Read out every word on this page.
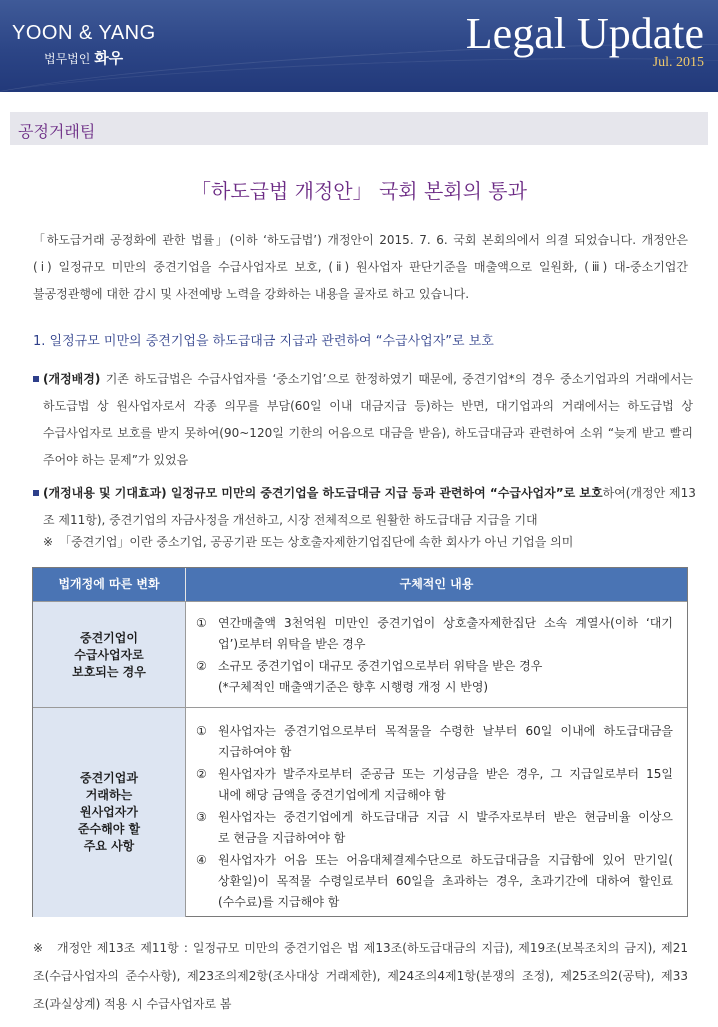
YOON & YANG
법무법인 화우	Legal Update
Jul. 2015
공정거래팀
「하도급법 개정안」 국회 본회의 통과
「하도급거래 공정화에 관한 법률」(이하 ‘하도급법’) 개정안이 2015. 7. 6. 국회 본회의에서 의결 되었습니다. 개정안은
(ⅰ) 일정규모 미만의 중견기업을 수급사업자로 보호, (ⅱ) 원사업자 판단기준을 매출액으로 일원화, (ⅲ) 대-중소기업간
불공정관행에 대한 감시 및 사전예방 노력을 강화하는 내용을 골자로 하고 있습니다.
1. 일정규모 미만의 중견기업을 하도급대금 지급과 관련하여 “수급사업자”로 보호
(개정배경) 기존 하도급법은 수급사업자를 ‘중소기업’으로 한정하였기 때문에, 중견기업*의 경우 중소기업과의 거래에서는
하도급법 상 원사업자로서 각종 의무를 부담(60일 이내 대금지급 등)하는 반면, 대기업과의 거래에서는 하도급법 상
수급사업자로 보호를 받지 못하여(90~120일 기한의 어음으로 대금을 받음), 하도급대금과 관련하여 소위 “늦게 받고 빨리
주어야 하는 문제”가 있었음
(개정내용 및 기대효과) 일정규모 미만의 중견기업을 하도급대금 지급 등과 관련하여 “수급사업자”로 보호하여(개정안 제13
조 제11항), 중견기업의 자금사정을 개선하고, 시장 전체적으로 원활한 하도급대금 지급을 기대
※ 「중견기업」이란 중소기업, 공공기관 또는 상호출자제한기업집단에 속한 회사가 아닌 기업을 의미
법개정에 따른 변화	구체적인 내용
중견기업이
수급사업자로
보호되는 경우
① 연간매출액 3천억원 미만인 중견기업이 상호출자제한집단 소속 계열사(이하 ‘대기
업’)로부터 위탁을 받은 경우
② 소규모 중견기업이 대규모 중견기업으로부터 위탁을 받은 경우
(*구체적인 매출액기준은 향후 시행령 개정 시 반영)
중견기업과
거래하는
원사업자가
준수해야 할
주요 사항
① 원사업자는 중견기업으로부터 목적물을 수령한 날부터 60일 이내에 하도급대금을
지급하여야 함
② 원사업자가 발주자로부터 준공금 또는 기성금을 받은 경우, 그 지급일로부터 15일
내에 해당 금액을 중견기업에게 지급해야 함
③ 원사업자는 중견기업에게 하도급대금 지급 시 발주자로부터 받은 현금비율 이상으
로 현금을 지급하여야 함
④ 원사업자가 어음 또는 어음대체결제수단으로 하도급대금을 지급함에 있어 만기일(
상환일)이 목적물 수령일로부터 60일을 초과하는 경우, 초과기간에 대하여 할인료
(수수료)를 지급해야 함
※ 개정안 제13조 제11항 : 일정규모 미만의 중견기업은 법 제13조(하도급대금의 지급), 제19조(보복조치의 금지), 제21
조(수급사업자의 준수사항), 제23조의제2항(조사대상 거래제한), 제24조의4제1항(분쟁의 조정), 제25조의2(공탁), 제33
조(과실상계) 적용 시 수급사업자로 봄
